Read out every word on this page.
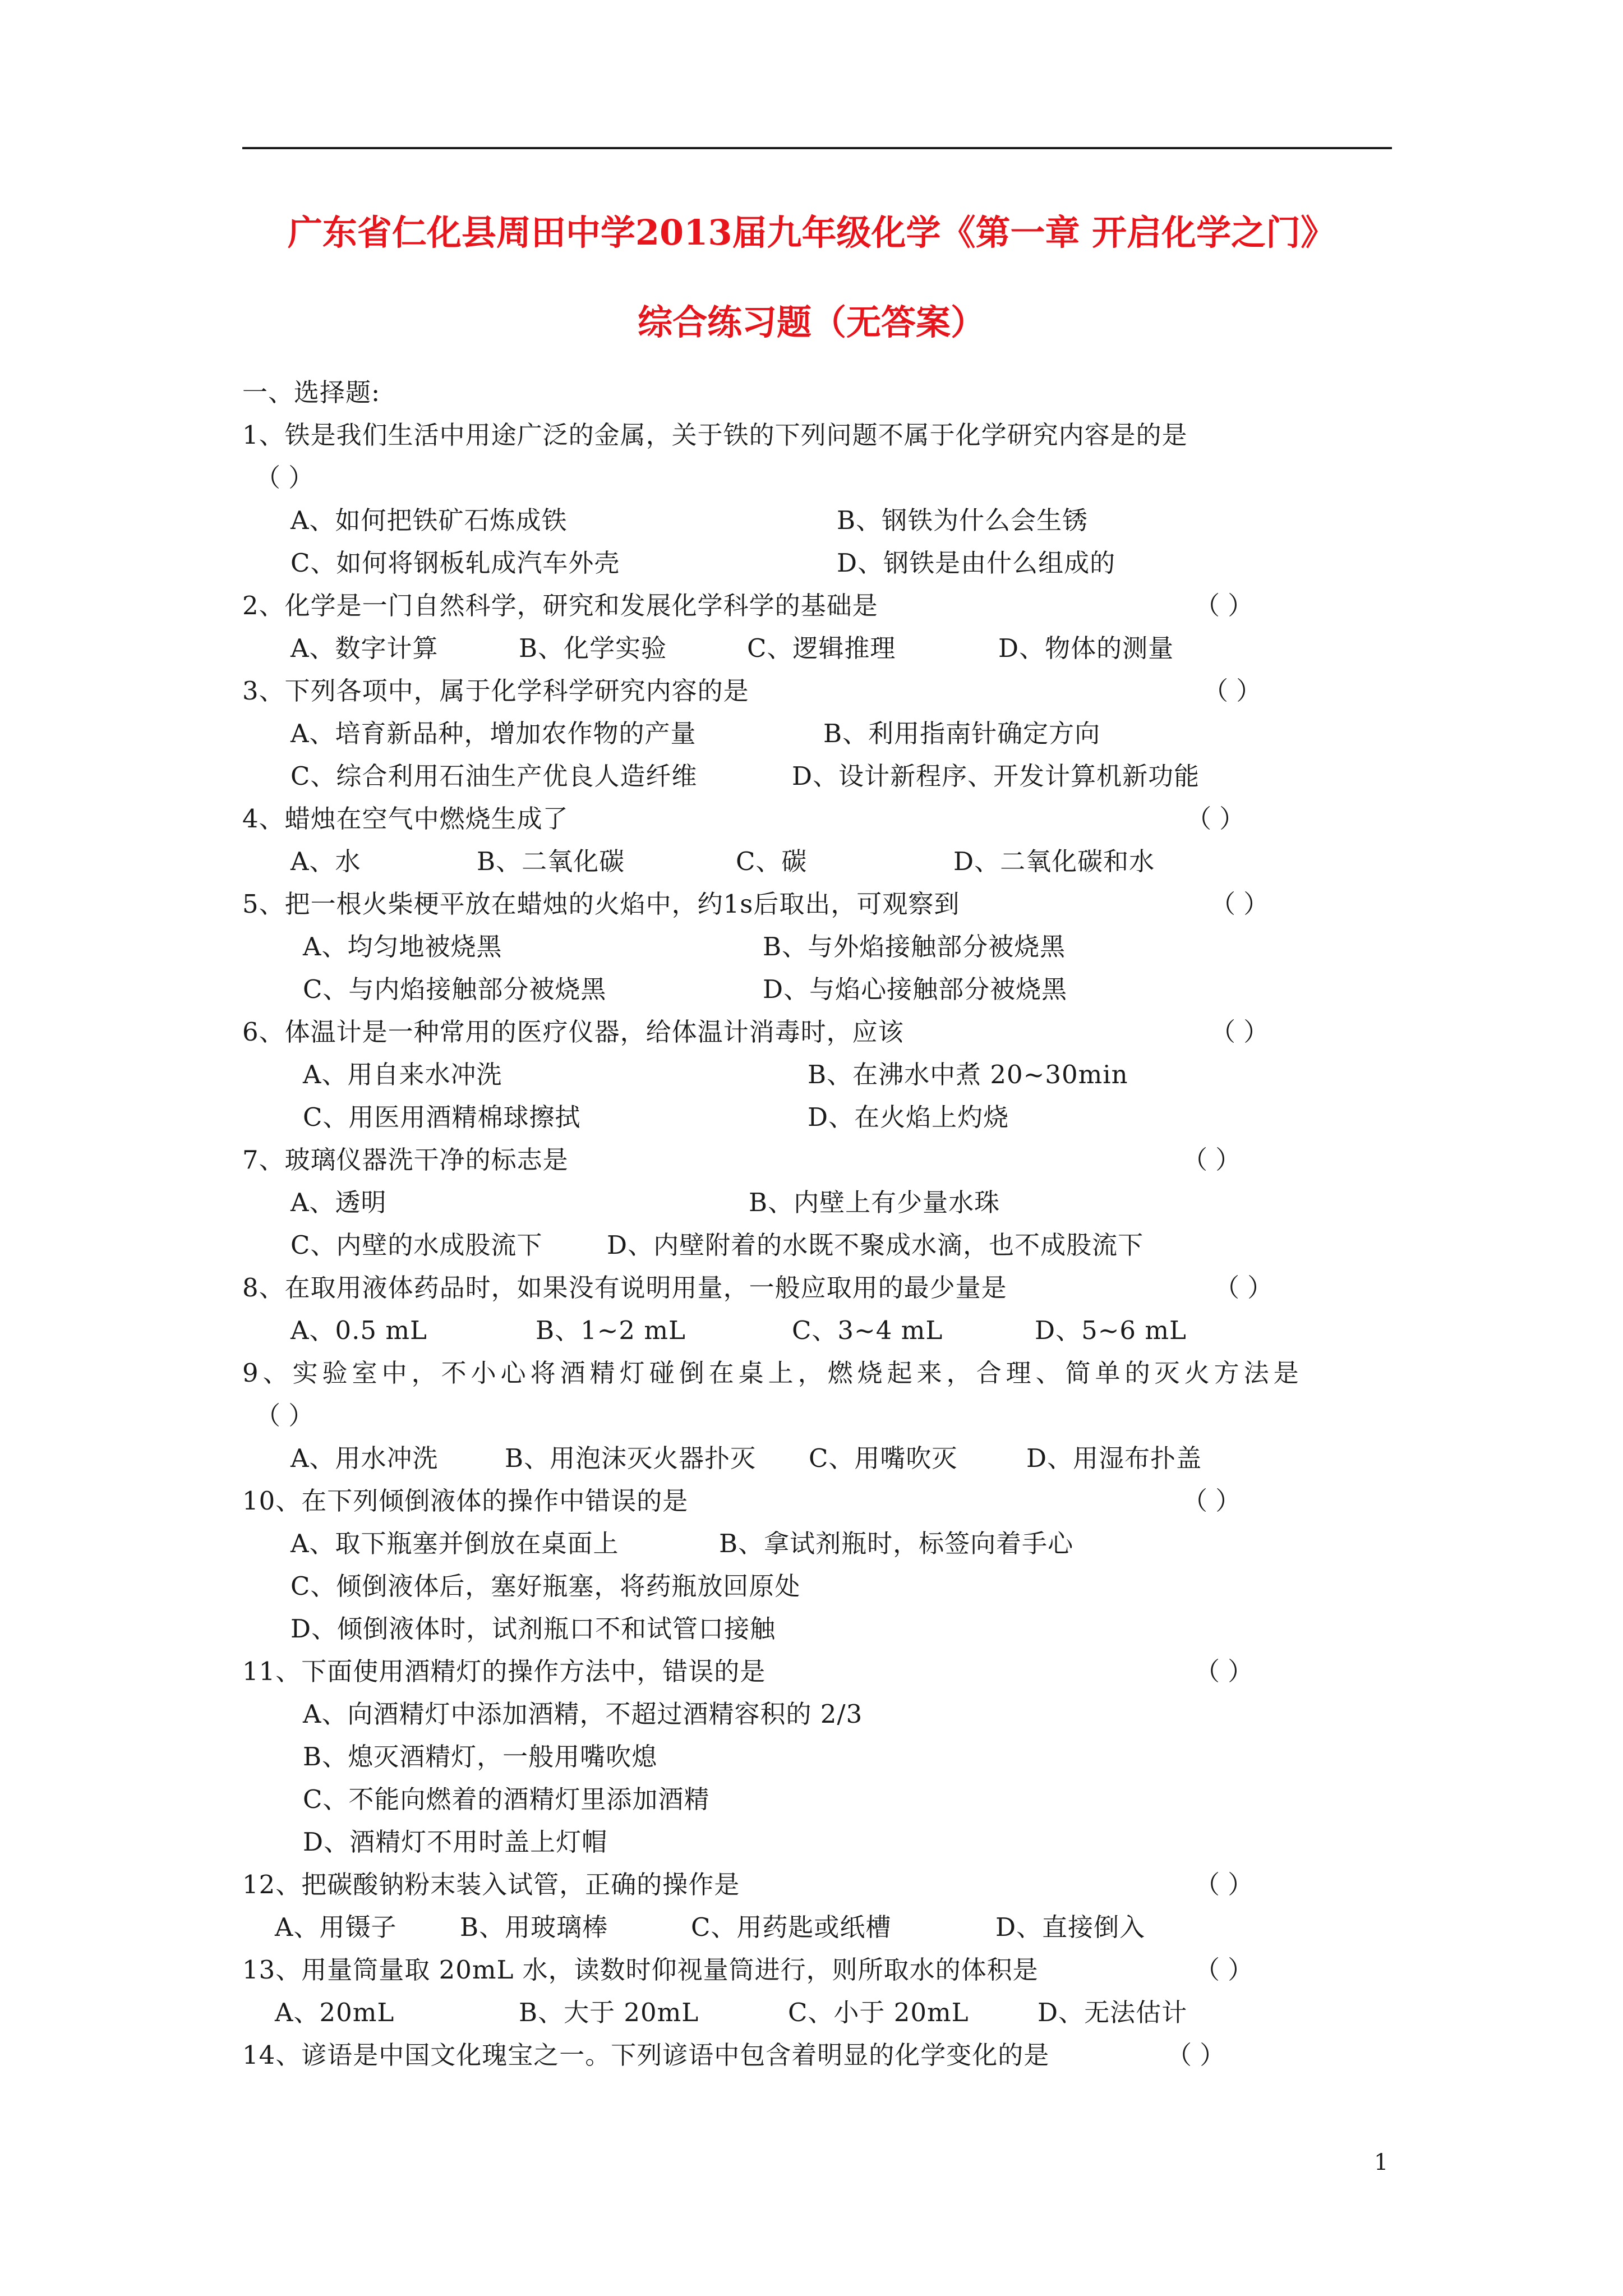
广东省仁化县周田中学2013届九年级化学《第一章 开启化学之门》
综合练习题（无答案）
一、选择题:
1、铁是我们生活中用途广泛的金属，关于铁的下列问题不属于化学研究内容是的是
（ ）
A、如何把铁矿石炼成铁	B、钢铁为什么会生锈
C、如何将钢板轧成汽车外壳	D、钢铁是由什么组成的
2、化学是一门自然科学，研究和发展化学科学的基础是	（ ）
A、数字计算	B、化学实验	C、逻辑推理	D、物体的测量
3、下列各项中，属于化学科学研究内容的是	（ ）
A、培育新品种，增加农作物的产量	B、利用指南针确定方向
C、综合利用石油生产优良人造纤维	D、设计新程序、开发计算机新功能
4、蜡烛在空气中燃烧生成了	（ ）
A、水	B、二氧化碳	C、碳	D、二氧化碳和水
5、把一根火柴梗平放在蜡烛的火焰中，约1s后取出，可观察到	（ ）
A、均匀地被烧黑	B、与外焰接触部分被烧黑
C、与内焰接触部分被烧黑	D、与焰心接触部分被烧黑
6、体温计是一种常用的医疗仪器，给体温计消毒时，应该	（ ）
A、用自来水冲洗	B、在沸水中煮 20~30min
C、用医用酒精棉球擦拭	D、在火焰上灼烧
7、玻璃仪器洗干净的标志是	（ ）
A、透明	B、内壁上有少量水珠
C、内壁的水成股流下	D、内壁附着的水既不聚成水滴，也不成股流下
8、在取用液体药品时，如果没有说明用量，一般应取用的最少量是	（ ）
A、0.5 mL	B、1~2 mL	C、3~4 mL	D、5~6 mL
9、实验室中，不小心将酒精灯碰倒在桌上，燃烧起来，合理、简单的灭火方法是
（ ）
A、用水冲洗	B、用泡沫灭火器扑灭 C、用嘴吹灭	D、用湿布扑盖
10、在下列倾倒液体的操作中错误的是	（ ）
A、取下瓶塞并倒放在桌面上	B、拿试剂瓶时，标签向着手心
C、倾倒液体后，塞好瓶塞，将药瓶放回原处
D、倾倒液体时，试剂瓶口不和试管口接触
11、下面使用酒精灯的操作方法中，错误的是	（ ）
A、向酒精灯中添加酒精，不超过酒精容积的 2/3
B、熄灭酒精灯，一般用嘴吹熄
C、不能向燃着的酒精灯里添加酒精
D、酒精灯不用时盖上灯帽
12、把碳酸钠粉末装入试管，正确的操作是	（ ）
A、用镊子	B、用玻璃棒	C、用药匙或纸槽	D、直接倒入
13、用量筒量取 20mL 水，读数时仰视量筒进行，则所取水的体积是	（ ）
A、20mL	B、大于 20mL	C、小于 20mL	D、无法估计
14、谚语是中国文化瑰宝之一。下列谚语中包含着明显的化学变化的是	（ ）
1
